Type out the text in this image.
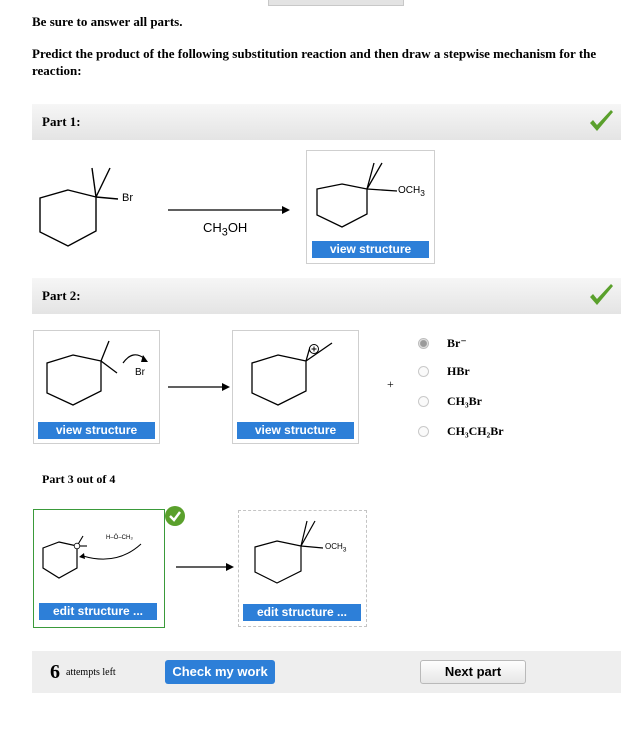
Be sure to answer all parts.
Predict the product of the following substitution reaction and then draw a stepwise mechanism for the
reaction:
Part 1:
Br
$CH_3OH$
$OCH_3$
view structure
Part 2:
Br
view structure	view structure
+
Br⁻
HBr
CH₃Br
CH₃CH₂Br
Part 3 out of 4
H–Ö–CH₃
edit structure ...
$OCH_3$
edit structure ...
6 attempts left	Check my work	Next part
